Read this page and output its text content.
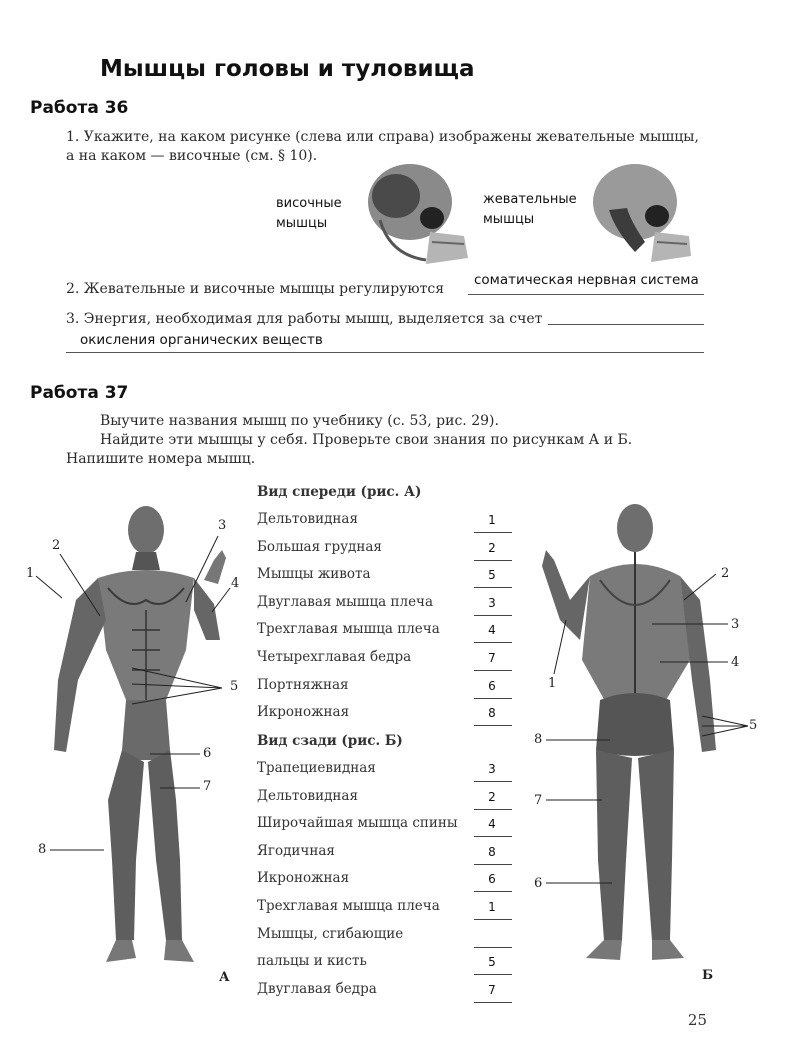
Мышцы головы и туловища
Работа 36
1. Укажите, на каком рисунке (слева или справа) изображены жевательные мышцы, а на каком — височные (см. § 10).
височные
мышцы
жевательные
мышцы
2. Жевательные и височные мышцы регулируются
соматическая нервная система
3. Энергия, необходимая для работы мышц, выделяется за счет
окисления органических веществ
Работа 37
Выучите названия мышц по учебнику (с. 53, рис. 29).
Найдите эти мышцы у себя. Проверьте свои знания по рисункам А и Б. Напишите номера мышц.
Вид спереди (рис. А)
Дельтовидная	1
Большая грудная	2
Мышцы живота	5
Двуглавая мышца плеча	3
Трехглавая мышца плеча	4
Четырехглавая бедра	7
Портняжная	6
Икроножная	8
Вид сзади (рис. Б)
Трапециевидная	3
Дельтовидная	2
Широчайшая мышца спины	4
Ягодичная	8
Икроножная	6
Трехглавая мышца плеча	1
Мышцы, сгибающие
пальцы и кисть	5
Двуглавая бедра	7
1
2
3
4
5
6
7
8
А
1
2
3
4
5
6
7
8
Б
25
